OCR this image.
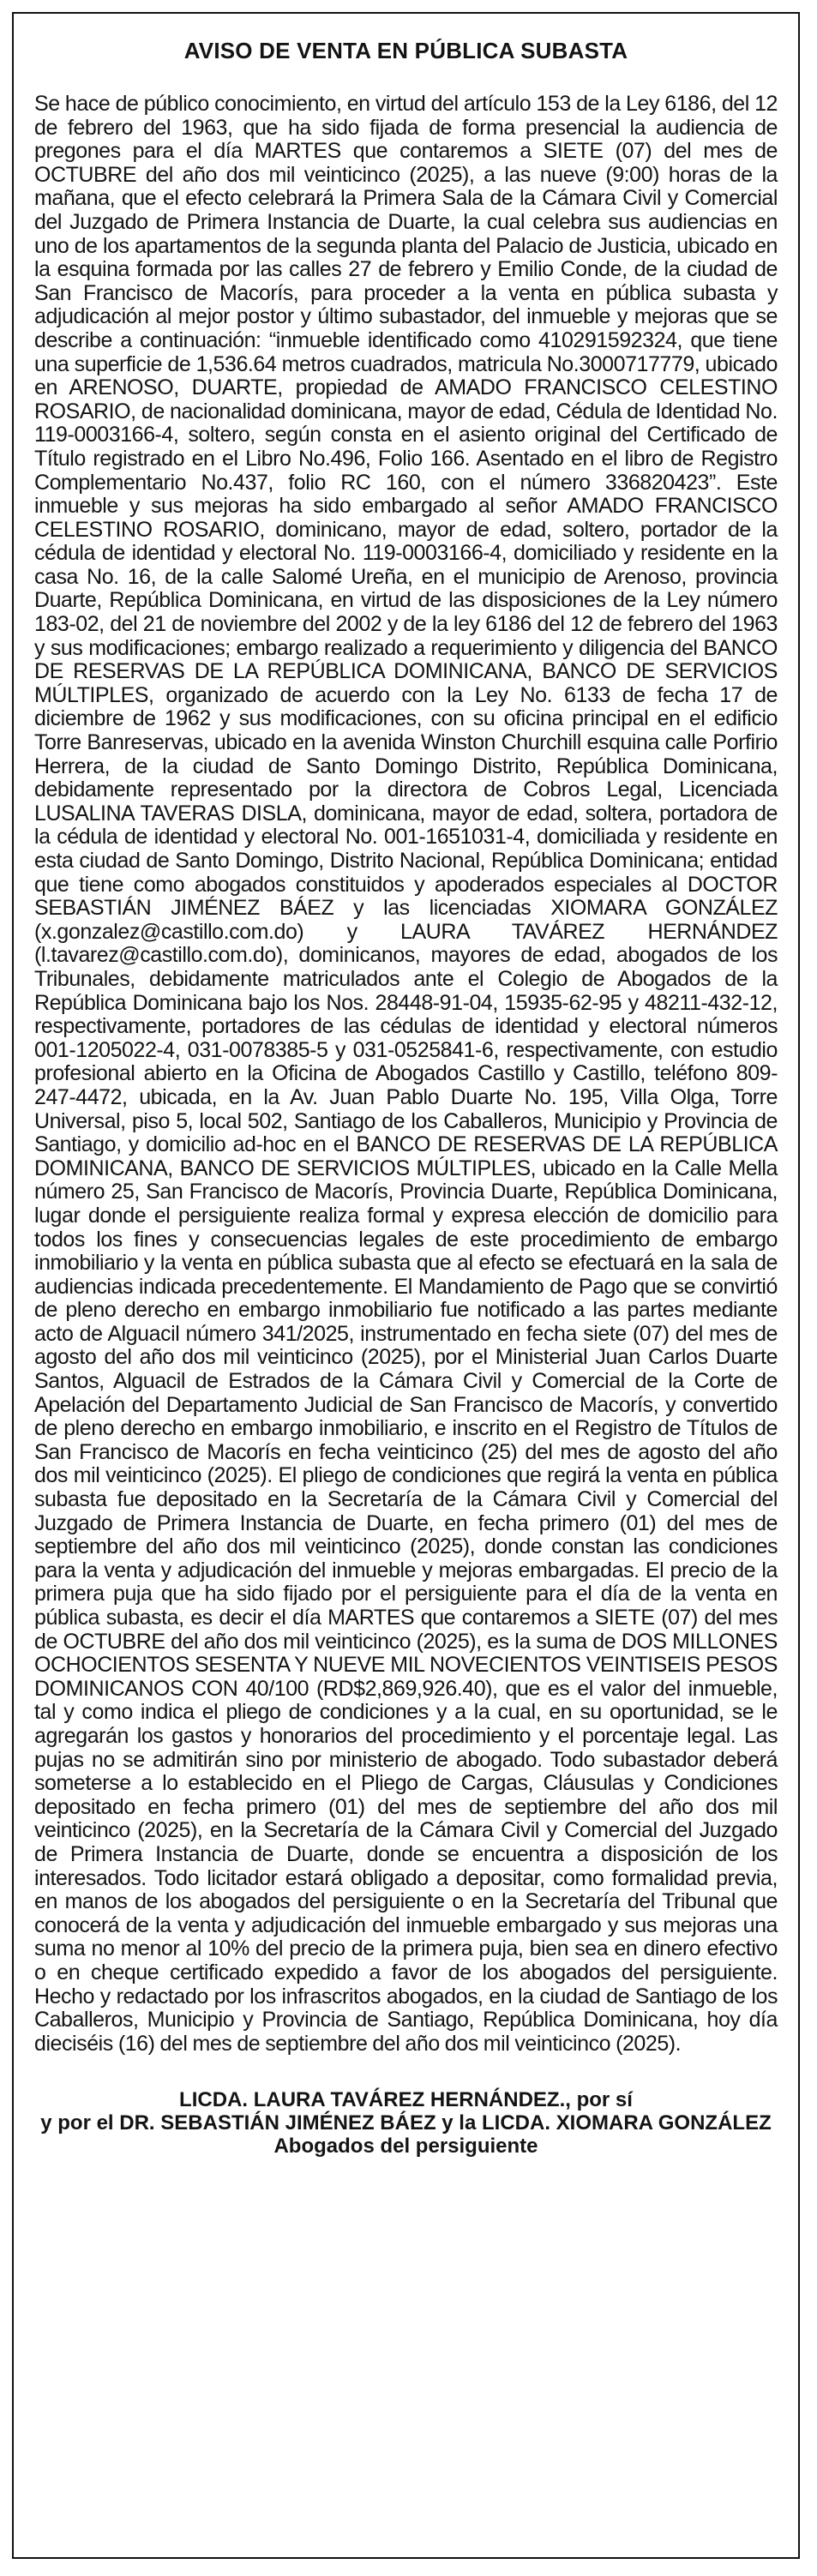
AVISO DE VENTA EN PÚBLICA SUBASTA
Se hace de público conocimiento, en virtud del artículo 153 de la Ley 6186, del 12 de febrero del 1963, que ha sido fijada de forma presencial la audiencia de pregones para el día MARTES que contaremos a SIETE (07) del mes de OCTUBRE del año dos mil veinticinco (2025), a las nueve (9:00) horas de la mañana, que el efecto celebrará la Primera Sala de la Cámara Civil y Comercial del Juzgado de Primera Instancia de Duarte, la cual celebra sus audiencias en uno de los apartamentos de la segunda planta del Palacio de Justicia, ubicado en la esquina formada por las calles 27 de febrero y Emilio Conde, de la ciudad de San Francisco de Macorís, para proceder a la venta en pública subasta y adjudicación al mejor postor y último subastador, del inmueble y mejoras que se describe a continuación: “inmueble identificado como 410291592324, que tiene una superficie de 1,536.64 metros cuadrados, matricula No.3000717779, ubicado en ARENOSO, DUARTE, propiedad de AMADO FRANCISCO CELESTINO ROSARIO, de nacionalidad dominicana, mayor de edad, Cédula de Identidad No. 119-0003166-4, soltero, según consta en el asiento original del Certificado de Título registrado en el Libro No.496, Folio 166. Asentado en el libro de Registro Complementario No.437, folio RC 160, con el número 336820423”. Este inmueble y sus mejoras ha sido embargado al señor AMADO FRANCISCO CELESTINO ROSARIO, dominicano, mayor de edad, soltero, portador de la cédula de identidad y electoral No. 119-0003166-4, domiciliado y residente en la casa No. 16, de la calle Salomé Ureña, en el municipio de Arenoso, provincia Duarte, República Dominicana, en virtud de las disposiciones de la Ley número 183-02, del 21 de noviembre del 2002 y de la ley 6186 del 12 de febrero del 1963 y sus modificaciones; embargo realizado a requerimiento y diligencia del BANCO DE RESERVAS DE LA REPÚBLICA DOMINICANA, BANCO DE SERVICIOS MÚLTIPLES, organizado de acuerdo con la Ley No. 6133 de fecha 17 de diciembre de 1962 y sus modificaciones, con su oficina principal en el edificio Torre Banreservas, ubicado en la avenida Winston Churchill esquina calle Porfirio Herrera, de la ciudad de Santo Domingo Distrito, República Dominicana, debidamente representado por la directora de Cobros Legal, Licenciada LUSALINA TAVERAS DISLA, dominicana, mayor de edad, soltera, portadora de la cédula de identidad y electoral No. 001-1651031-4, domiciliada y residente en esta ciudad de Santo Domingo, Distrito Nacional, República Dominicana; entidad que tiene como abogados constituidos y apoderados especiales al DOCTOR SEBASTIÁN JIMÉNEZ BÁEZ y las licenciadas XIOMARA GONZÁLEZ (x.gonzalez@castillo.com.do) y LAURA TAVÁREZ HERNÁNDEZ (l.tavarez@castillo.com.do), dominicanos, mayores de edad, abogados de los Tribunales, debidamente matriculados ante el Colegio de Abogados de la República Dominicana bajo los Nos. 28448-91-04, 15935-62-95 y 48211-432-12, respectivamente, portadores de las cédulas de identidad y electoral números 001-1205022-4, 031-0078385-5 y 031-0525841-6, respectivamente, con estudio profesional abierto en la Oficina de Abogados Castillo y Castillo, teléfono 809-247-4472, ubicada, en la Av. Juan Pablo Duarte No. 195, Villa Olga, Torre Universal, piso 5, local 502, Santiago de los Caballeros, Municipio y Provincia de Santiago, y domicilio ad-hoc en el BANCO DE RESERVAS DE LA REPÚBLICA DOMINICANA, BANCO DE SERVICIOS MÚLTIPLES, ubicado en la Calle Mella número 25, San Francisco de Macorís, Provincia Duarte, República Dominicana, lugar donde el persiguiente realiza formal y expresa elección de domicilio para todos los fines y consecuencias legales de este procedimiento de embargo inmobiliario y la venta en pública subasta que al efecto se efectuará en la sala de audiencias indicada precedentemente. El Mandamiento de Pago que se convirtió de pleno derecho en embargo inmobiliario fue notificado a las partes mediante acto de Alguacil número 341/2025, instrumentado en fecha siete (07) del mes de agosto del año dos mil veinticinco (2025), por el Ministerial Juan Carlos Duarte Santos, Alguacil de Estrados de la Cámara Civil y Comercial de la Corte de Apelación del Departamento Judicial de San Francisco de Macorís, y convertido de pleno derecho en embargo inmobiliario, e inscrito en el Registro de Títulos de San Francisco de Macorís en fecha veinticinco (25) del mes de agosto del año dos mil veinticinco (2025). El pliego de condiciones que regirá la venta en pública subasta fue depositado en la Secretaría de la Cámara Civil y Comercial del Juzgado de Primera Instancia de Duarte, en fecha primero (01) del mes de septiembre del año dos mil veinticinco (2025), donde constan las condiciones para la venta y adjudicación del inmueble y mejoras embargadas. El precio de la primera puja que ha sido fijado por el persiguiente para el día de la venta en pública subasta, es decir el día MARTES que contaremos a SIETE (07) del mes de OCTUBRE del año dos mil veinticinco (2025), es la suma de DOS MILLONES OCHOCIENTOS SESENTA Y NUEVE MIL NOVECIENTOS VEINTISEIS PESOS DOMINICANOS CON 40/100 (RD$2,869,926.40), que es el valor del inmueble, tal y como indica el pliego de condiciones y a la cual, en su oportunidad, se le agregarán los gastos y honorarios del procedimiento y el porcentaje legal. Las pujas no se admitirán sino por ministerio de abogado. Todo subastador deberá someterse a lo establecido en el Pliego de Cargas, Cláusulas y Condiciones depositado en fecha primero (01) del mes de septiembre del año dos mil veinticinco (2025), en la Secretaría de la Cámara Civil y Comercial del Juzgado de Primera Instancia de Duarte, donde se encuentra a disposición de los interesados. Todo licitador estará obligado a depositar, como formalidad previa, en manos de los abogados del persiguiente o en la Secretaría del Tribunal que conocerá de la venta y adjudicación del inmueble embargado y sus mejoras una suma no menor al 10% del precio de la primera puja, bien sea en dinero efectivo o en cheque certificado expedido a favor de los abogados del persiguiente. Hecho y redactado por los infrascritos abogados, en la ciudad de Santiago de los Caballeros, Municipio y Provincia de Santiago, República Dominicana, hoy día dieciséis (16) del mes de septiembre del año dos mil veinticinco (2025).
LICDA. LAURA TAVÁREZ HERNÁNDEZ., por sí
y por el DR. SEBASTIÁN JIMÉNEZ BÁEZ y la LICDA. XIOMARA GONZÁLEZ
Abogados del persiguiente
